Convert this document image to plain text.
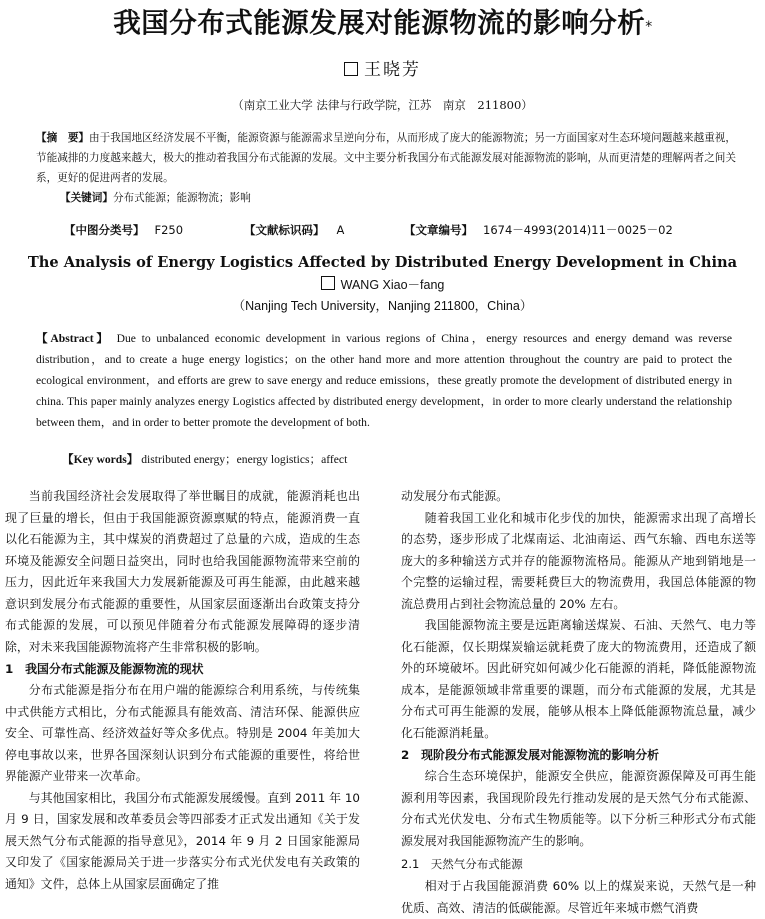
我国分布式能源发展对能源物流的影响分析*
王晓芳
（南京工业大学 法律与行政学院，江苏　南京　211800）
【摘　要】由于我国地区经济发展不平衡，能源资源与能源需求呈逆向分布，从而形成了庞大的能源物流；另一方面国家对生态环境问题越来越重视，节能减排的力度越来越大，极大的推动着我国分布式能源的发展。文中主要分析我国分布式能源发展对能源物流的影响，从而更清楚的理解两者之间关系，更好的促进两者的发展。
【关键词】分布式能源；能源物流；影响
【中图分类号】 F250	【文献标识码】 A	【文章编号】 1674－4993(2014)11－0025－02
The Analysis of Energy Logistics Affected by Distributed Energy Development in China
WANG Xiao－fang
（Nanjing Tech University，Nanjing 211800，China）
【Abstract】 Due to unbalanced economic development in various regions of China，energy resources and energy demand was reverse distribution，and to create a huge energy logistics；on the other hand more and more attention throughout the country are paid to protect the ecological environment，and efforts are grew to save energy and reduce emissions，these greatly promote the development of distributed energy in china. This paper mainly analyzes energy Logistics affected by distributed energy development，in order to more clearly understand the relationship between them，and in order to better promote the development of both.
【Key words】 distributed energy；energy logistics；affect

当前我国经济社会发展取得了举世瞩目的成就，能源消耗也出现了巨量的增长，但由于我国能源资源禀赋的特点，能源消费一直以化石能源为主，其中煤炭的消费超过了总量的六成，造成的生态环境及能源安全问题日益突出，同时也给我国能源物流带来空前的压力，因此近年来我国大力发展新能源及可再生能源，由此越来越意识到发展分布式能源的重要性，从国家层面逐渐出台政策支持分布式能源的发展，可以预见伴随着分布式能源发展障碍的逐步清除，对未来我国能源物流将产生非常积极的影响。

1　我国分布式能源及能源物流的现状

分布式能源是指分布在用户端的能源综合利用系统，与传统集中式供能方式相比，分布式能源具有能效高、清洁环保、能源供应安全、可靠性高、经济效益好等众多优点。特别是 2004 年美加大停电事故以来，世界各国深刻认识到分布式能源的重要性，将给世界能源产业带来一次革命。

与其他国家相比，我国分布式能源发展缓慢。直到 2011 年 10 月 9 日，国家发展和改革委员会等四部委才正式发出通知《关于发展天然气分布式能源的指导意见》，2014 年 9 月 2 日国家能源局又印发了《国家能源局关于进一步落实分布式光伏发电有关政策的通知》文件，总体上从国家层面确定了推

动发展分布式能源。

随着我国工业化和城市化步伐的加快，能源需求出现了高增长的态势，逐步形成了北煤南运、北油南运、西气东输、西电东送等庞大的多种输送方式并存的能源物流格局。能源从产地到销地是一个完整的运输过程，需要耗费巨大的物流费用，我国总体能源的物流总费用占到社会物流总量的 20% 左右。

我国能源物流主要是远距离输送煤炭、石油、天然气、电力等化石能源，仅长期煤炭输运就耗费了庞大的物流费用，还造成了额外的环境破坏。因此研究如何减少化石能源的消耗，降低能源物流成本，是能源领域非常重要的课题，而分布式能源的发展，尤其是分布式可再生能源的发展，能够从根本上降低能源物流总量，减少化石能源消耗量。

2　现阶段分布式能源发展对能源物流的影响分析

综合生态环境保护，能源安全供应，能源资源保障及可再生能源利用等因素，我国现阶段先行推动发展的是天然气分布式能源、分布式光伏发电、分布式生物质能等。以下分析三种形式分布式能源发展对我国能源物流产生的影响。

2.1　天然气分布式能源

相对于占我国能源消费 60% 以上的煤炭来说，天然气是一种优质、高效、清洁的低碳能源。尽管近年来城市燃气消费
